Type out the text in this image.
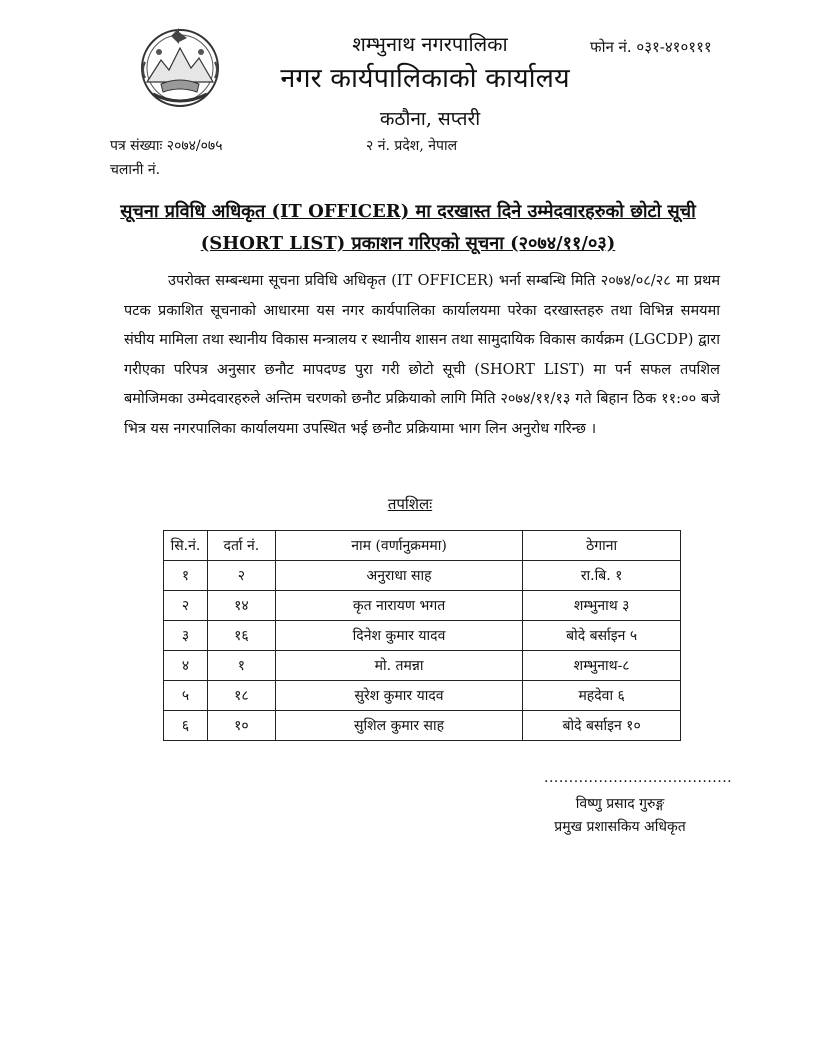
शम्भुनाथ नगरपालिका
नगर कार्यपालिकाको कार्यालय
कठौना, सप्तरी
फोन नं. ०३१-४१०१११
२ नं. प्रदेश, नेपाल
पत्र संख्याः २०७४/०७५
चलानी नं.
सूचना प्रविधि अधिकृत (IT OFFICER) मा दरखास्त दिने उम्मेदवारहरुको छोटो सूची
(SHORT LIST) प्रकाशन गरिएको सूचना (२०७४/११/०३)
उपरोक्त सम्बन्धमा सूचना प्रविधि अधिकृत (IT OFFICER) भर्ना सम्बन्धि मिति २०७४/०८/२८ मा प्रथम पटक प्रकाशित सूचनाको आधारमा यस नगर कार्यपालिका कार्यालयमा परेका दरखास्तहरु तथा विभिन्न समयमा संघीय मामिला तथा स्थानीय विकास मन्त्रालय र स्थानीय शासन तथा सामुदायिक विकास कार्यक्रम (LGCDP) द्वारा गरीएका परिपत्र अनुसार छनौट मापदण्ड पुरा गरी छोटो सूची (SHORT LIST) मा पर्न सफल तपशिल बमोजिमका उम्मेदवारहरुले अन्तिम चरणको छनौट प्रक्रियाको लागि मिति २०७४/११/१३ गते बिहान ठिक ११:०० बजे भित्र यस नगरपालिका कार्यालयमा उपस्थित भई छनौट प्रक्रियामा भाग लिन अनुरोध गरिन्छ ।
तपशिलः
सि.नं.	दर्ता नं.	नाम (वर्णानुक्रममा)	ठेगाना
१	२	अनुराधा साह	रा.बि. १
२	१४	कृत नारायण भगत	शम्भुनाथ ३
३	१६	दिनेश कुमार यादव	बोदे बर्साइन ५
४	१	मो. तमन्ना	शम्भुनाथ-८
५	१८	सुरेश कुमार यादव	महदेवा ६
६	१०	सुशिल कुमार साह	बोदे बर्साइन १०
......................................
विष्णु प्रसाद गुरुङ्ग
प्रमुख प्रशासकिय अधिकृत
